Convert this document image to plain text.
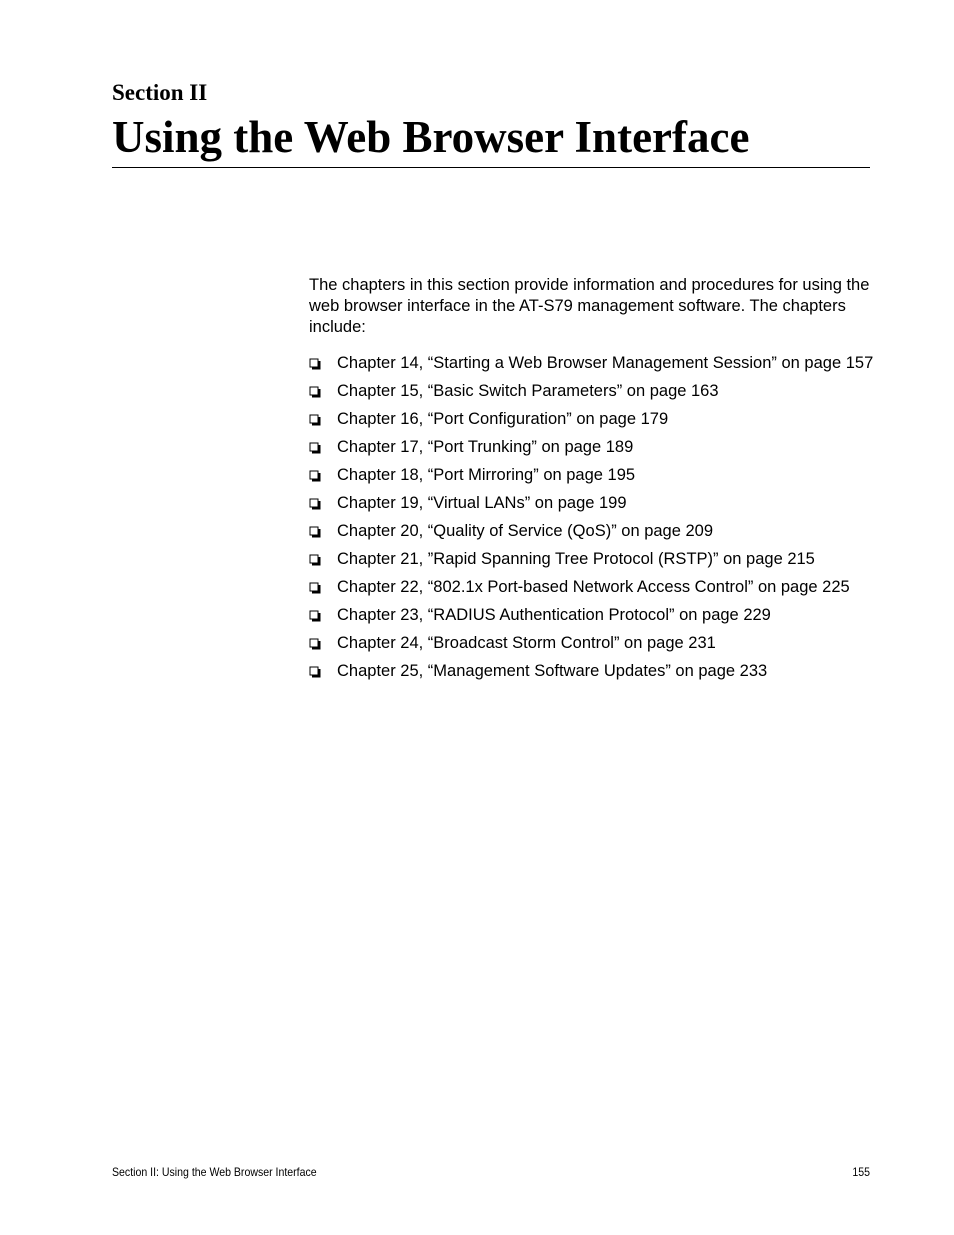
Section II
Using the Web Browser Interface

The chapters in this section provide information and procedures for using the web browser interface in the AT-S79 management software. The chapters include:

Chapter 14, “Starting a Web Browser Management Session” on page 157
Chapter 15, “Basic Switch Parameters” on page 163
Chapter 16, “Port Configuration” on page 179
Chapter 17, “Port Trunking” on page 189
Chapter 18, “Port Mirroring” on page 195
Chapter 19, “Virtual LANs” on page 199
Chapter 20, “Quality of Service (QoS)” on page 209
Chapter 21, ”Rapid Spanning Tree Protocol (RSTP)” on page 215
Chapter 22, “802.1x Port-based Network Access Control” on page 225
Chapter 23, “RADIUS Authentication Protocol” on page 229
Chapter 24, “Broadcast Storm Control” on page 231
Chapter 25, “Management Software Updates” on page 233

Section II: Using the Web Browser Interface	155
